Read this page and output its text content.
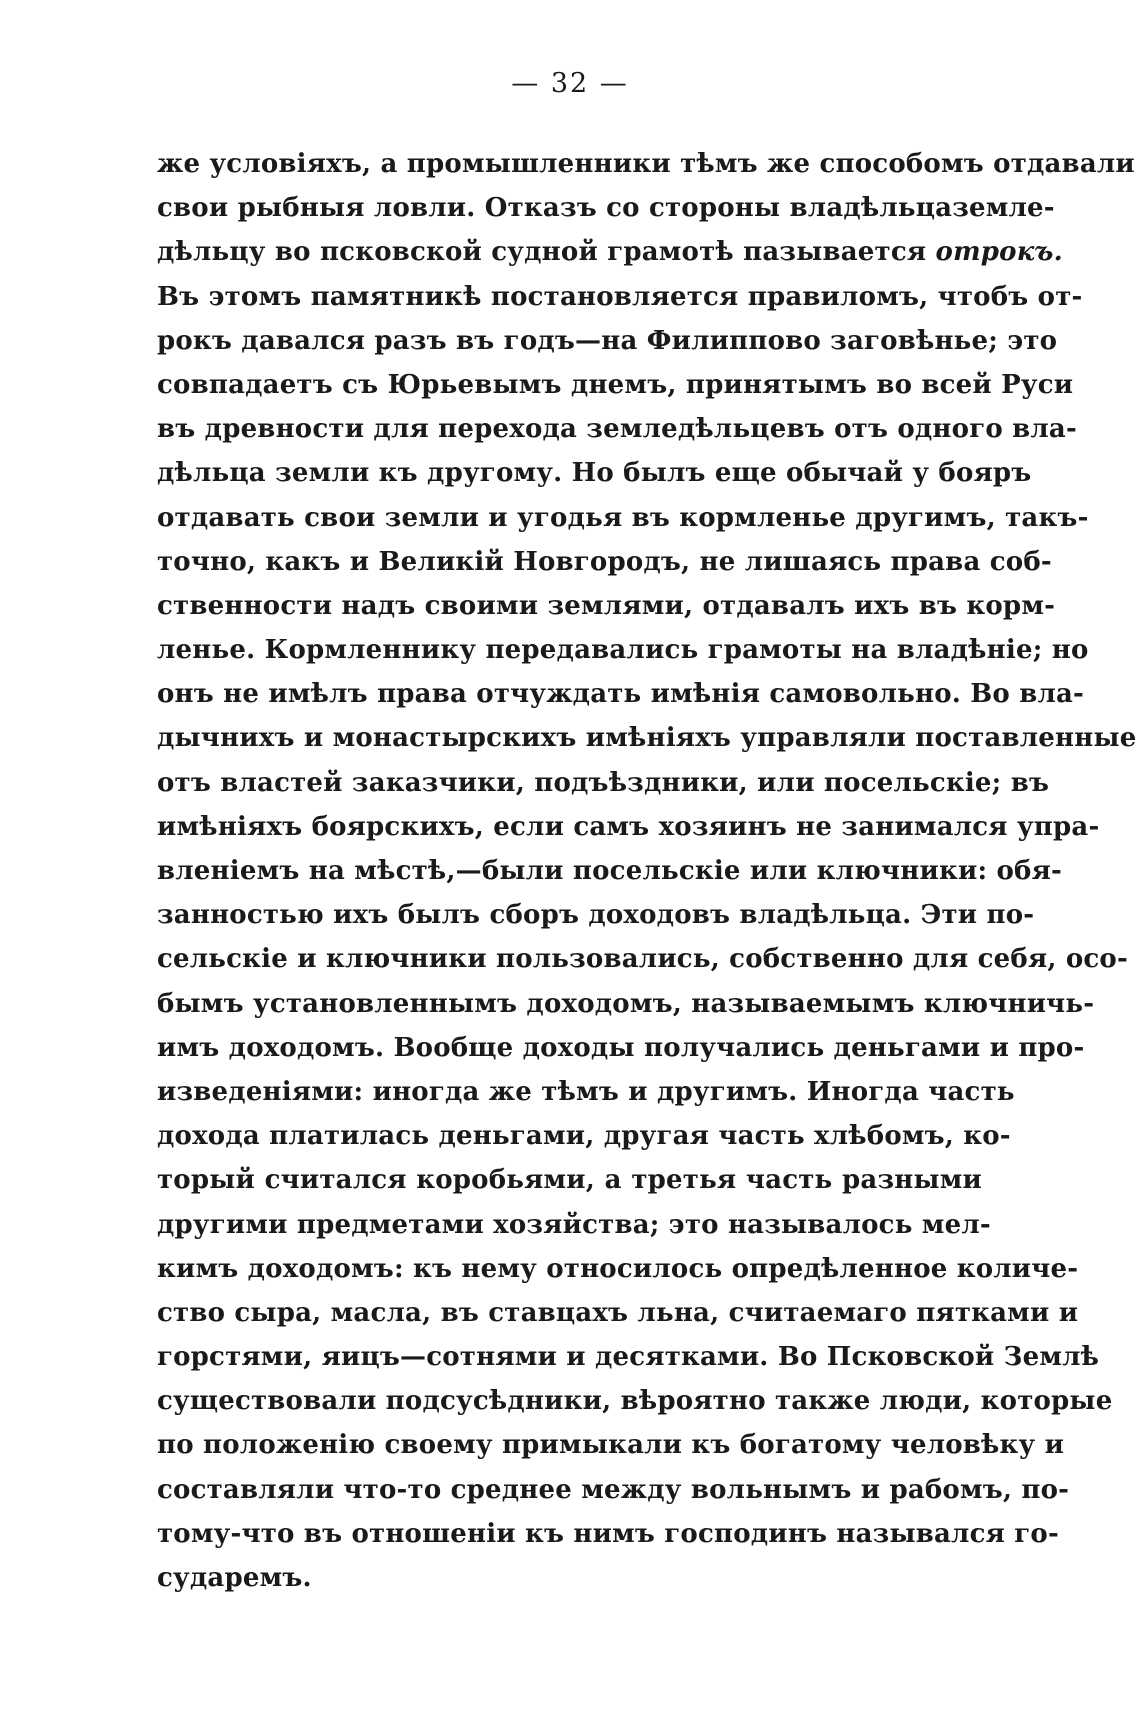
— 32 —
же условіяхъ, а промышленники тѣмъ же способомъ отдавали
свои рыбныя ловли. Отказъ со стороны владѣльцаземле-
дѣльцу во псковской судной грамотѣ пазывается отрокъ.
Въ этомъ памятникѣ постановляется правиломъ, чтобъ от-
рокъ давался разъ въ годъ—на Филиппово заговѣнье; это
совпадаетъ съ Юрьевымъ днемъ, принятымъ во всей Руси
въ древности для перехода земледѣльцевъ отъ одного вла-
дѣльца земли къ другому. Но былъ еще обычай у бояръ
отдавать свои земли и угодья въ кормленье другимъ, такъ-
точно, какъ и Великій Новгородъ, не лишаясь права соб-
ственности надъ своими землями, отдавалъ ихъ въ корм-
ленье. Кормленнику передавались грамоты на владѣніе; но
онъ не имѣлъ права отчуждать имѣнія самовольно. Во вла-
дычнихъ и монастырскихъ имѣніяхъ управляли поставленные
отъ властей заказчики, подъѣздники, или посельскіе; въ
имѣніяхъ боярскихъ, если самъ хозяинъ не занимался упра-
вленіемъ на мѣстѣ,—были посельскіе или ключники: обя-
занностью ихъ былъ сборъ доходовъ владѣльца. Эти по-
сельскіе и ключники пользовались, собственно для себя, осо-
бымъ установленнымъ доходомъ, называемымъ ключничь-
имъ доходомъ. Вообще доходы получались деньгами и про-
изведеніями: иногда же тѣмъ и другимъ. Иногда часть
дохода платилась деньгами, другая часть хлѣбомъ, ко-
торый считался коробьями, а третья часть разными
другими предметами хозяйства; это называлось мел-
кимъ доходомъ: къ нему относилось опредѣленное количе-
ство сыра, масла, въ ставцахъ льна, считаемаго пятками и
горстями, яицъ—сотнями и десятками. Во Псковской Землѣ
существовали подсусѣдники, вѣроятно также люди, которые
по положенію своему примыкали къ богатому человѣку и
составляли что-то среднее между вольнымъ и рабомъ, по-
тому-что въ отношеніи къ нимъ господинъ назывался го-
сударемъ.
